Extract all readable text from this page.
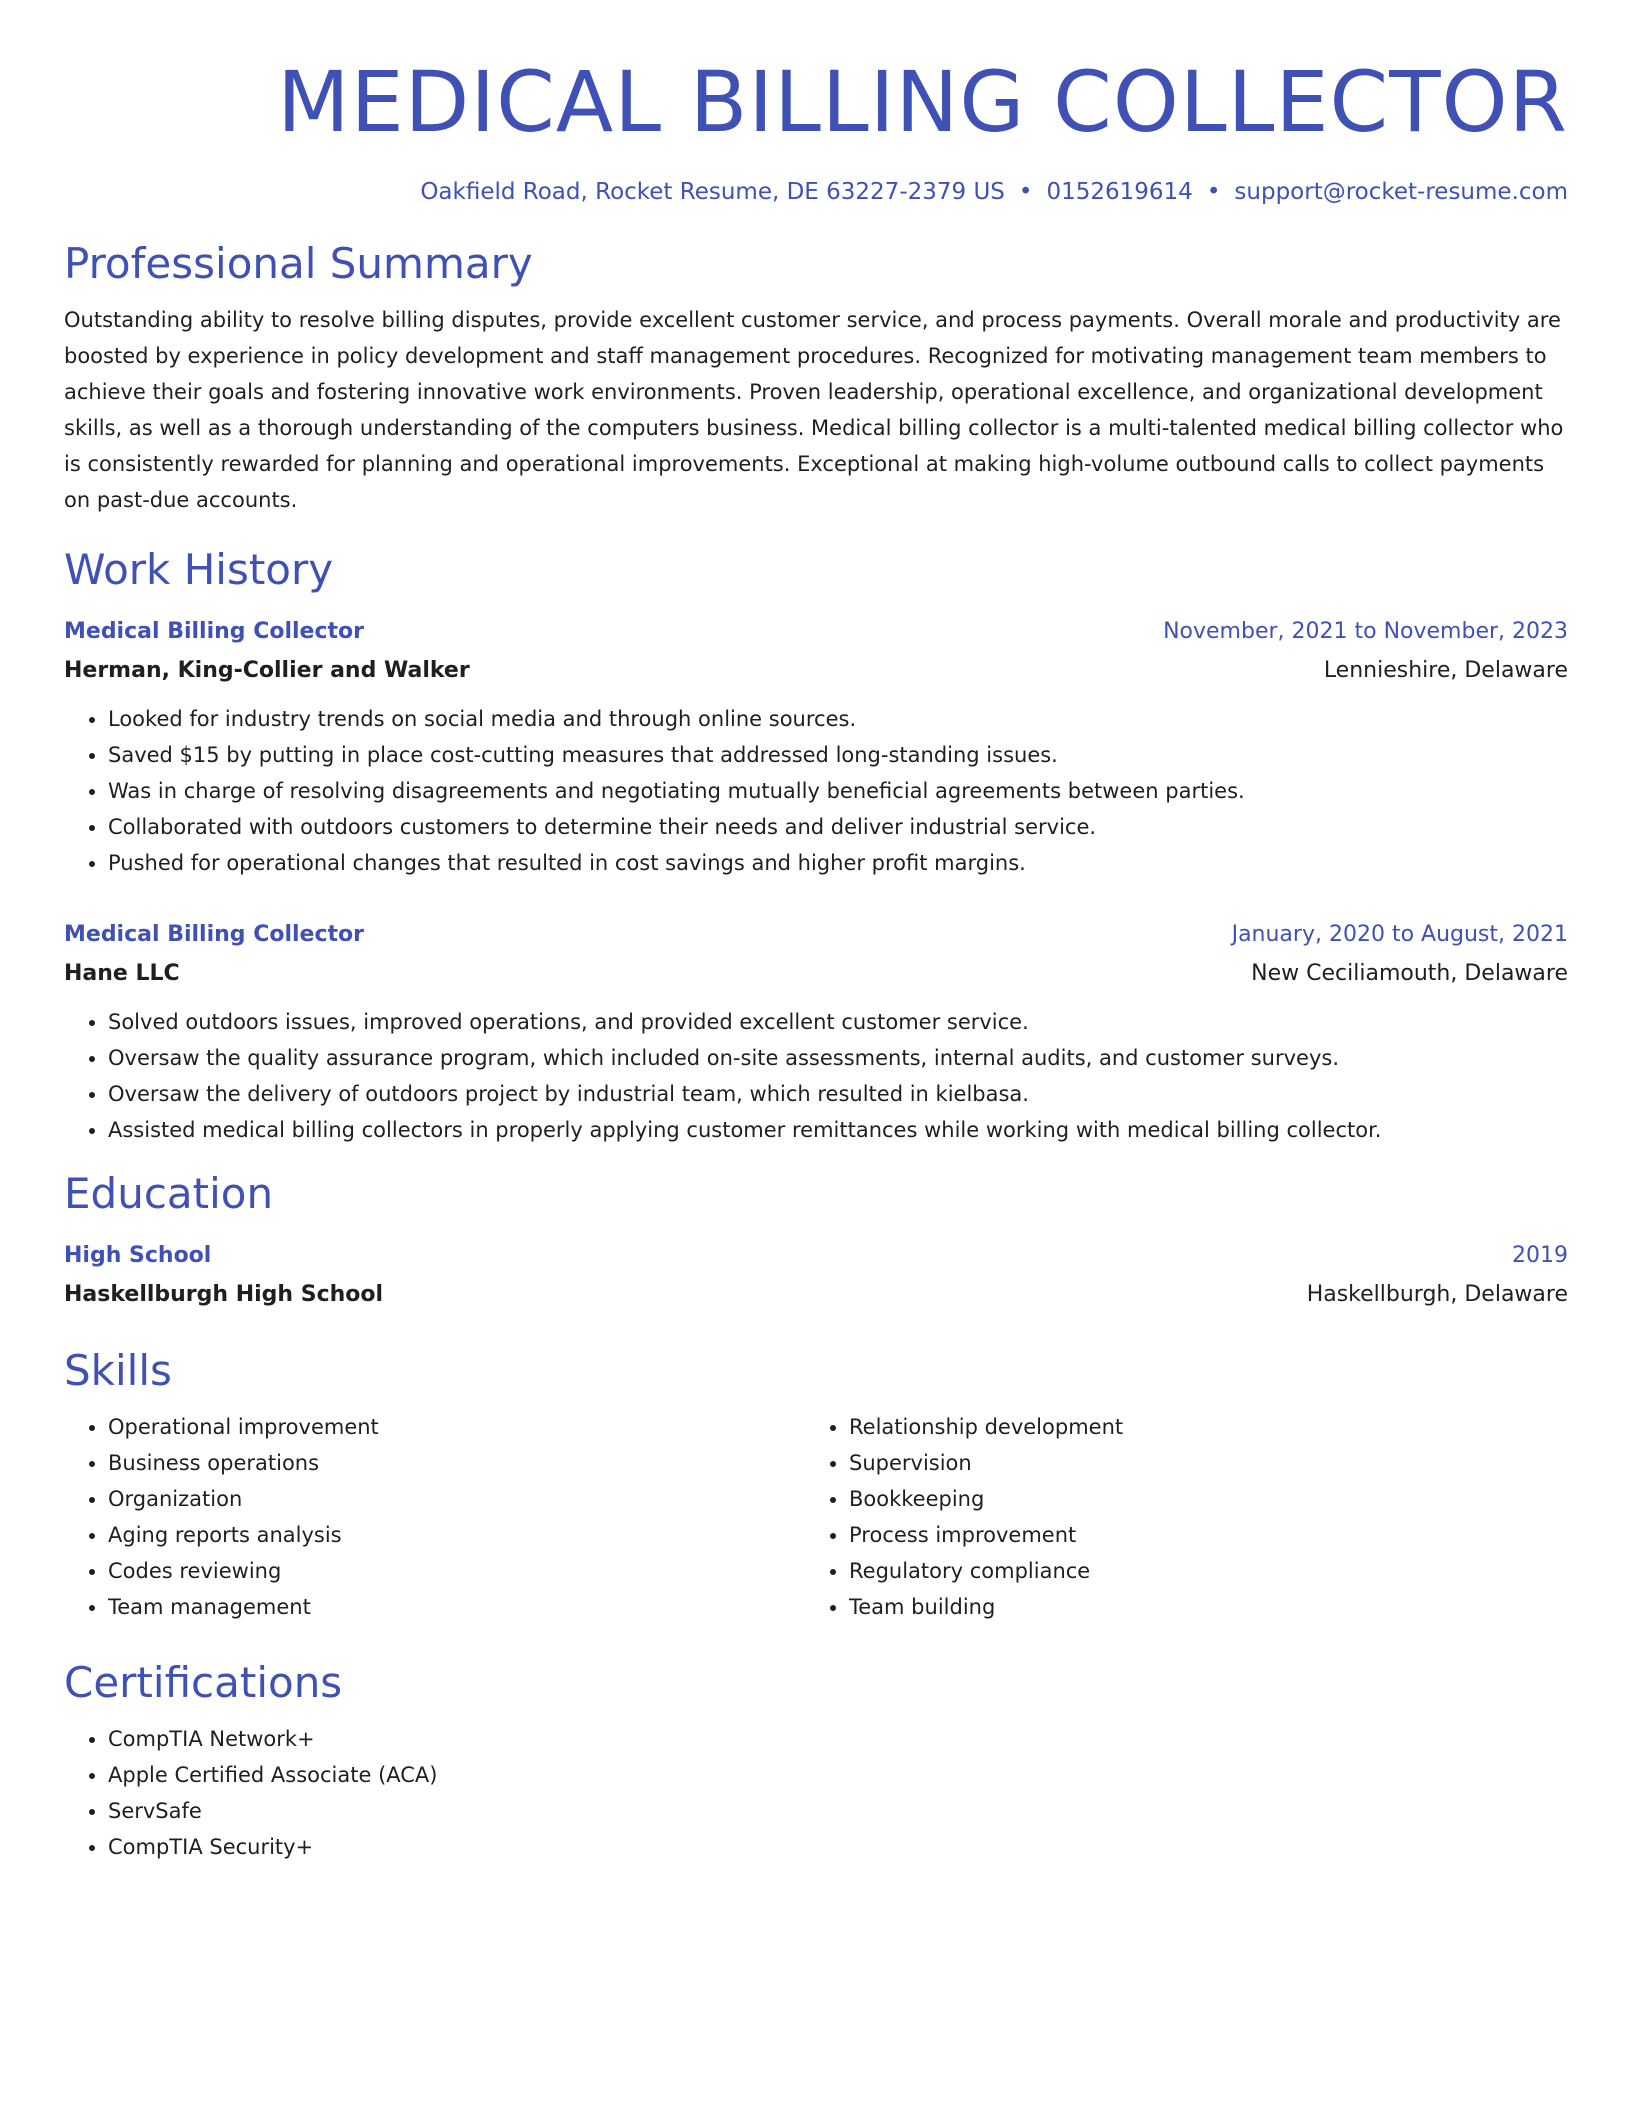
MEDICAL BILLING COLLECTOR
Oakfield Road, Rocket Resume, DE 63227-2379 US • 0152619614 • support@rocket-resume.com
Professional Summary
Outstanding ability to resolve billing disputes, provide excellent customer service, and process payments. Overall morale and productivity are boosted by experience in policy development and staff management procedures. Recognized for motivating management team members to achieve their goals and fostering innovative work environments. Proven leadership, operational excellence, and organizational development skills, as well as a thorough understanding of the computers business. Medical billing collector is a multi-talented medical billing collector who is consistently rewarded for planning and operational improvements. Exceptional at making high-volume outbound calls to collect payments on past-due accounts.
Work History
Medical Billing Collector	November, 2021 to November, 2023
Herman, King-Collier and Walker	Lennieshire, Delaware
• Looked for industry trends on social media and through online sources.
• Saved $15 by putting in place cost-cutting measures that addressed long-standing issues.
• Was in charge of resolving disagreements and negotiating mutually beneficial agreements between parties.
• Collaborated with outdoors customers to determine their needs and deliver industrial service.
• Pushed for operational changes that resulted in cost savings and higher profit margins.
Medical Billing Collector	January, 2020 to August, 2021
Hane LLC	New Ceciliamouth, Delaware
• Solved outdoors issues, improved operations, and provided excellent customer service.
• Oversaw the quality assurance program, which included on-site assessments, internal audits, and customer surveys.
• Oversaw the delivery of outdoors project by industrial team, which resulted in kielbasa.
• Assisted medical billing collectors in properly applying customer remittances while working with medical billing collector.
Education
High School	2019
Haskellburgh High School	Haskellburgh, Delaware
Skills
• Operational improvement
• Business operations
• Organization
• Aging reports analysis
• Codes reviewing
• Team management
• Relationship development
• Supervision
• Bookkeeping
• Process improvement
• Regulatory compliance
• Team building
Certifications
• CompTIA Network+
• Apple Certified Associate (ACA)
• ServSafe
• CompTIA Security+
